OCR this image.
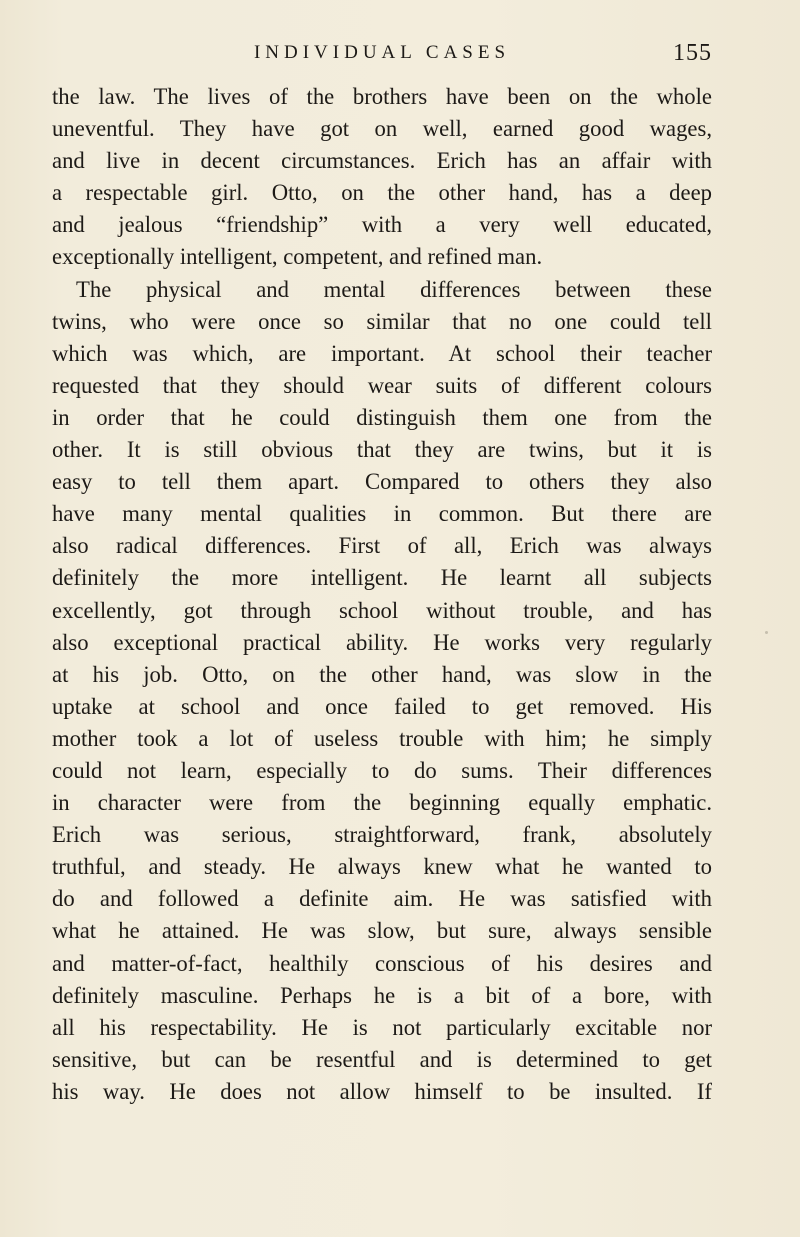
INDIVIDUAL CASES	155
the law. The lives of the brothers have been on the whole
uneventful. They have got on well, earned good wages,
and live in decent circumstances. Erich has an affair with
a respectable girl. Otto, on the other hand, has a deep
and jealous “friendship” with a very well educated,
exceptionally intelligent, competent, and refined man.
The physical and mental differences between these
twins, who were once so similar that no one could tell
which was which, are important. At school their teacher
requested that they should wear suits of different colours
in order that he could distinguish them one from the
other. It is still obvious that they are twins, but it is
easy to tell them apart. Compared to others they also
have many mental qualities in common. But there are
also radical differences. First of all, Erich was always
definitely the more intelligent. He learnt all subjects
excellently, got through school without trouble, and has
also exceptional practical ability. He works very regularly
at his job. Otto, on the other hand, was slow in the
uptake at school and once failed to get removed. His
mother took a lot of useless trouble with him; he simply
could not learn, especially to do sums. Their differences
in character were from the beginning equally emphatic.
Erich was serious, straightforward, frank, absolutely
truthful, and steady. He always knew what he wanted to
do and followed a definite aim. He was satisfied with
what he attained. He was slow, but sure, always sensible
and matter-of-fact, healthily conscious of his desires and
definitely masculine. Perhaps he is a bit of a bore, with
all his respectability. He is not particularly excitable nor
sensitive, but can be resentful and is determined to get
his way. He does not allow himself to be insulted. If
